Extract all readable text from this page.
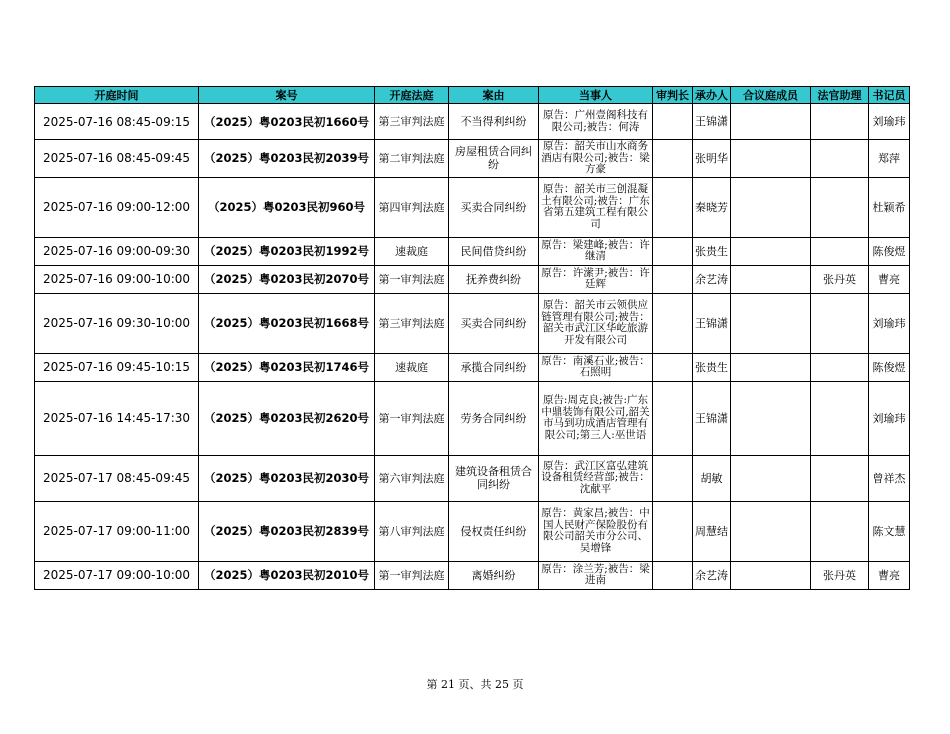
开庭时间	案号	开庭法庭	案由	当事人	审判长	承办人	合议庭成员	法官助理	书记员
2025-07-16 08:45-09:15	（2025）粤0203民初1660号	第三审判法庭	不当得利纠纷	原告：广州壹阁科技有限公司;被告：何涛		王锦潇			刘瑜玮
2025-07-16 08:45-09:45	（2025）粤0203民初2039号	第二审判法庭	房屋租赁合同纠纷	原告：韶关市山水商务酒店有限公司;被告：梁方豪		张明华			郑萍
2025-07-16 09:00-12:00	（2025）粤0203民初960号	第四审判法庭	买卖合同纠纷	原告：韶关市三创混凝土有限公司;被告：广东省第五建筑工程有限公司		秦晓芳			杜颖希
2025-07-16 09:00-09:30	（2025）粤0203民初1992号	速裁庭	民间借贷纠纷	原告：梁建峰;被告：许继清		张贵生			陈俊煜
2025-07-16 09:00-10:00	（2025）粤0203民初2070号	第一审判法庭	抚养费纠纷	原告：许潆尹;被告：许廷辉		余艺涛		张丹英	曹亮
2025-07-16 09:30-10:00	（2025）粤0203民初1668号	第三审判法庭	买卖合同纠纷	原告：韶关市云领供应链管理有限公司;被告：韶关市武江区华屹旅游开发有限公司		王锦潇			刘瑜玮
2025-07-16 09:45-10:15	（2025）粤0203民初1746号	速裁庭	承揽合同纠纷	原告：南溪石业;被告：石照明		张贵生			陈俊煜
2025-07-16 14:45-17:30	（2025）粤0203民初2620号	第一审判法庭	劳务合同纠纷	原告:周克良;被告:广东中鼎装饰有限公司,韶关市马到功成酒店管理有限公司;第三人:巫世语		王锦潇			刘瑜玮
2025-07-17 08:45-09:45	（2025）粤0203民初2030号	第六审判法庭	建筑设备租赁合同纠纷	原告：武江区富弘建筑设备租赁经营部;被告：沈献平		胡敏			曾祥杰
2025-07-17 09:00-11:00	（2025）粤0203民初2839号	第八审判法庭	侵权责任纠纷	原告：黄家昌;被告：中国人民财产保险股份有限公司韶关市分公司、吴增锋		周慧结			陈文慧
2025-07-17 09:00-10:00	（2025）粤0203民初2010号	第一审判法庭	离婚纠纷	原告：涂兰芳;被告：梁进南		余艺涛		张丹英	曹亮
第 21 页、共 25 页
